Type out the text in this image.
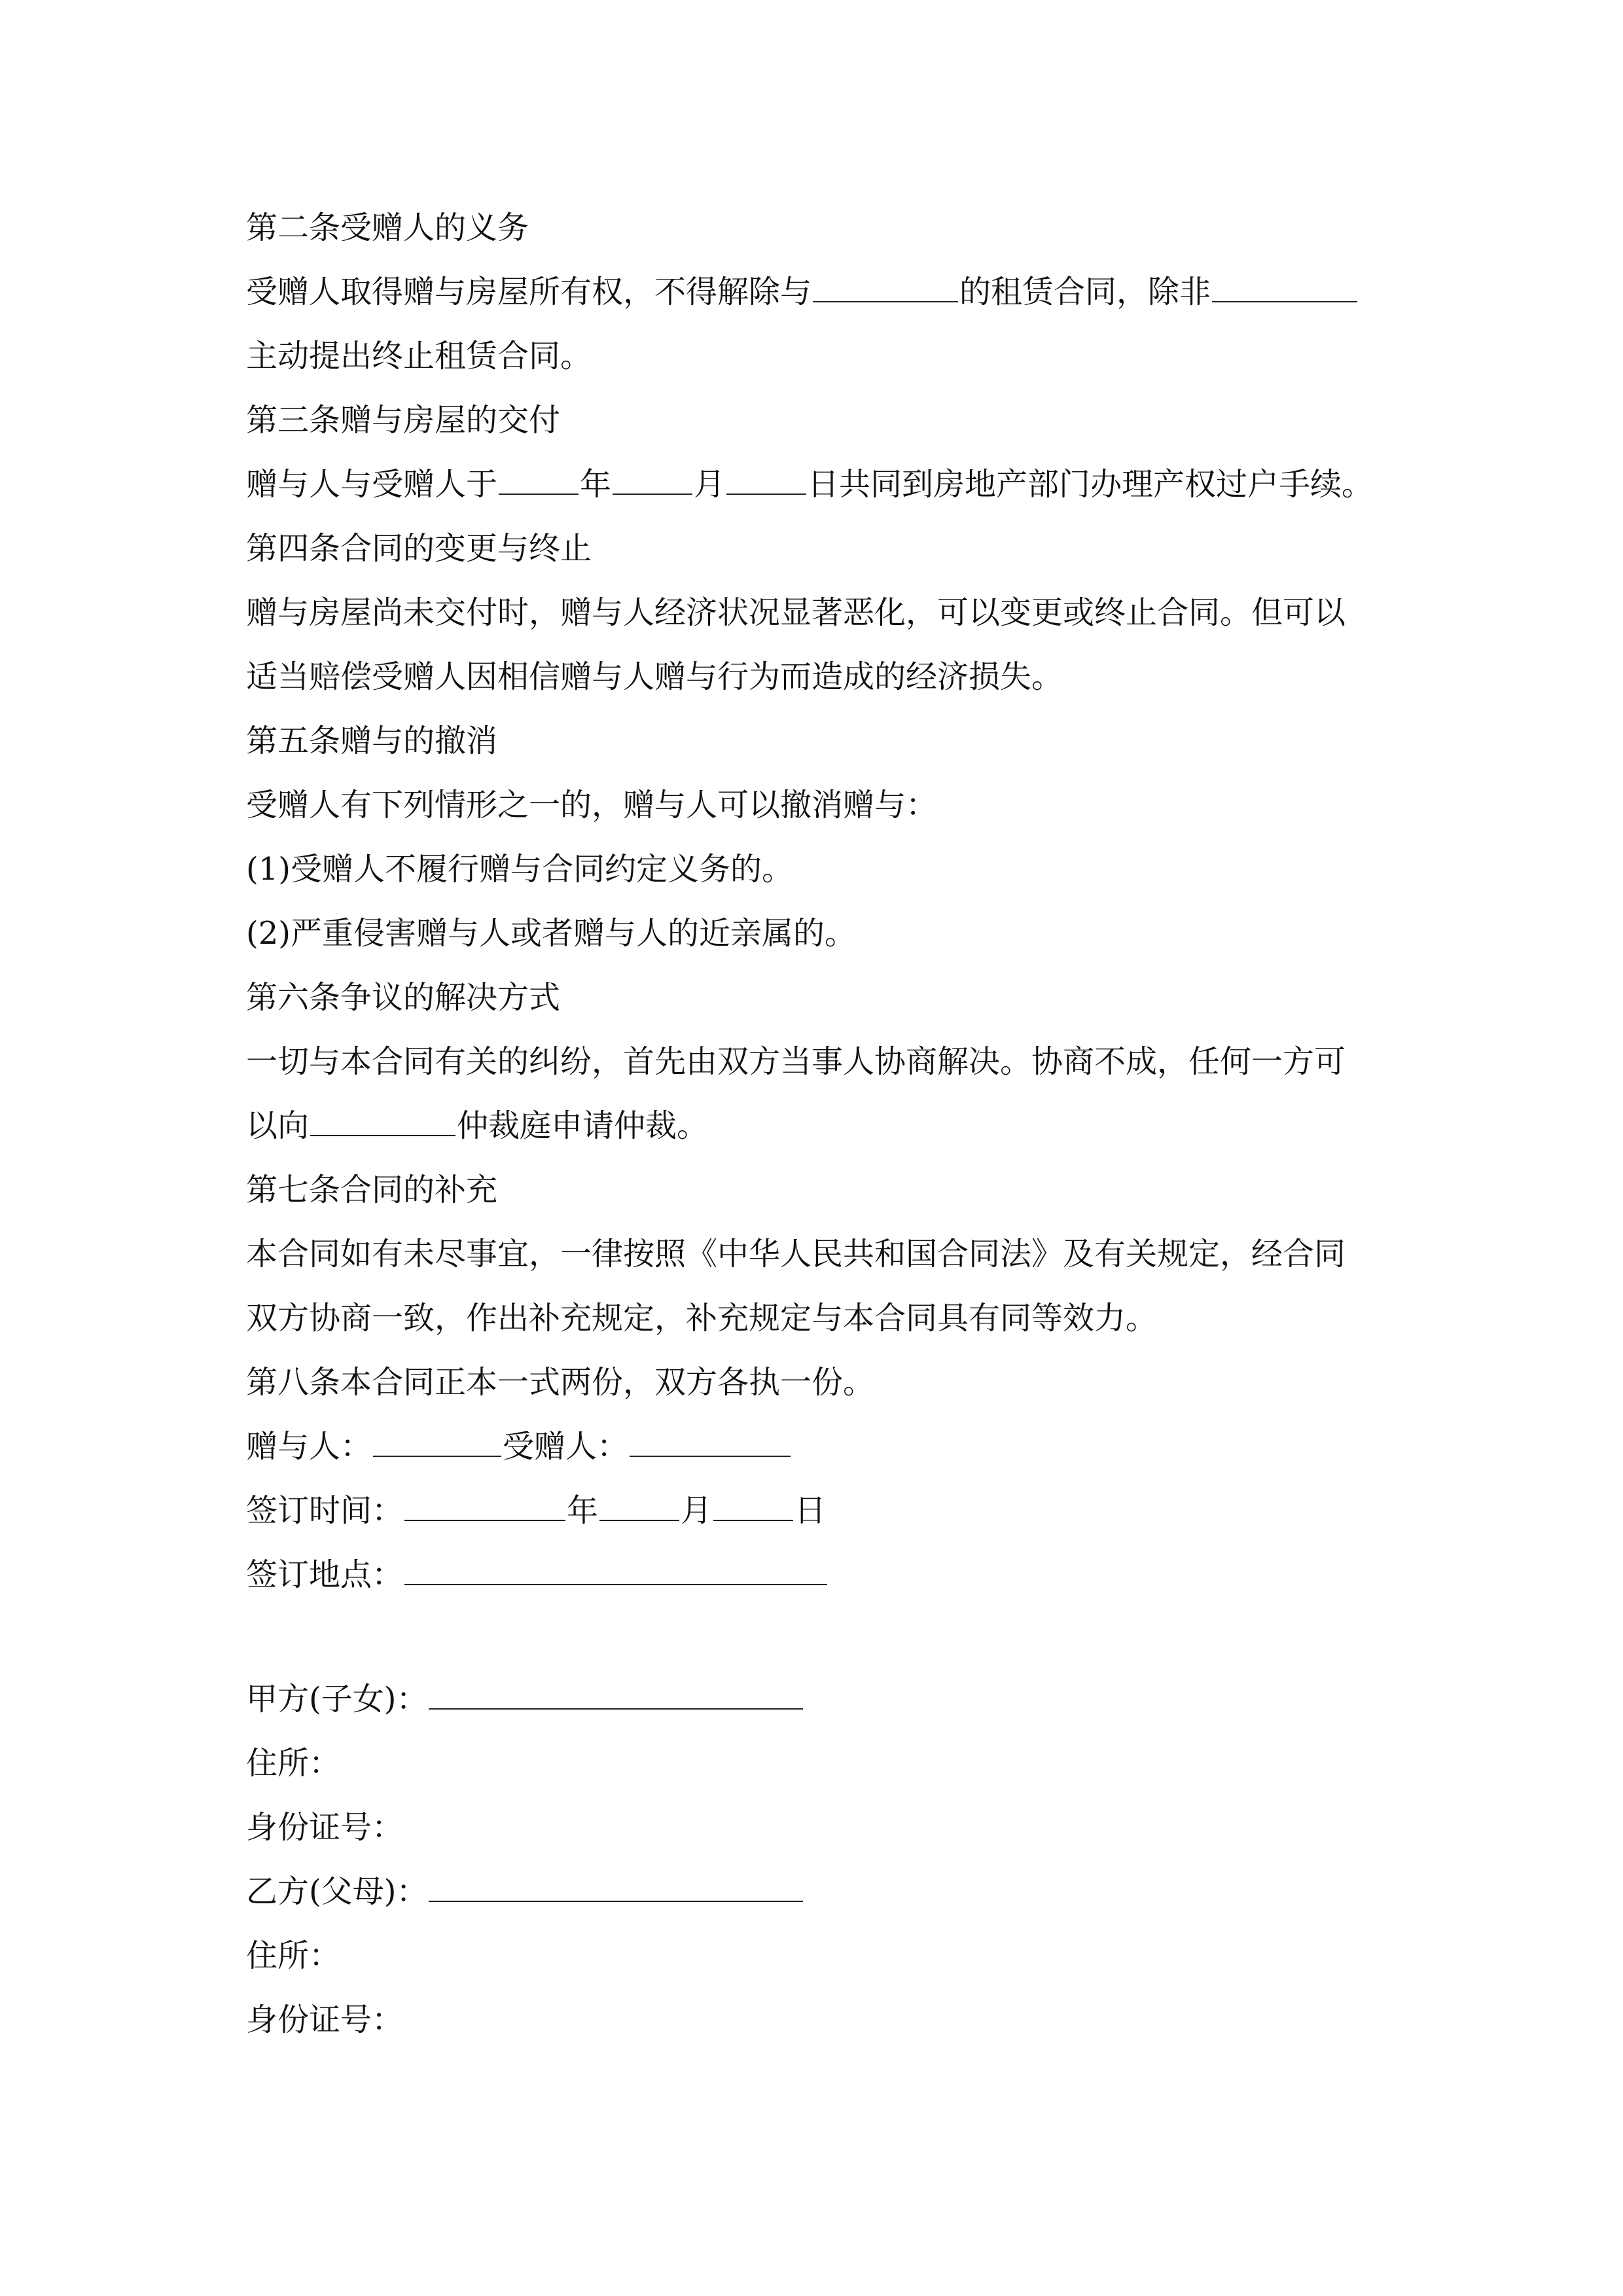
第二条受赠人的义务
受赠人取得赠与房屋所有权，不得解除与	的租赁合同，除非
主动提出终止租赁合同。
第三条赠与房屋的交付
赠与人与受赠人于	年	月	日共同到房地产部门办理产权过户手续。
第四条合同的变更与终止
赠与房屋尚未交付时，赠与人经济状况显著恶化，可以变更或终止合同。但可以
适当赔偿受赠人因相信赠与人赠与行为而造成的经济损失。
第五条赠与的撤消
受赠人有下列情形之一的，赠与人可以撤消赠与：
(1)受赠人不履行赠与合同约定义务的。
(2)严重侵害赠与人或者赠与人的近亲属的。
第六条争议的解决方式
一切与本合同有关的纠纷，首先由双方当事人协商解决。协商不成，任何一方可
以向	仲裁庭申请仲裁。
第七条合同的补充
本合同如有未尽事宜，一律按照《中华人民共和国合同法》及有关规定，经合同
双方协商一致，作出补充规定，补充规定与本合同具有同等效力。
第八条本合同正本一式两份，双方各执一份。
赠与人：	受赠人：
签订时间：	年	月	日
签订地点：
甲方(子女)：
住所：
身份证号：
乙方(父母)：
住所：
身份证号：
